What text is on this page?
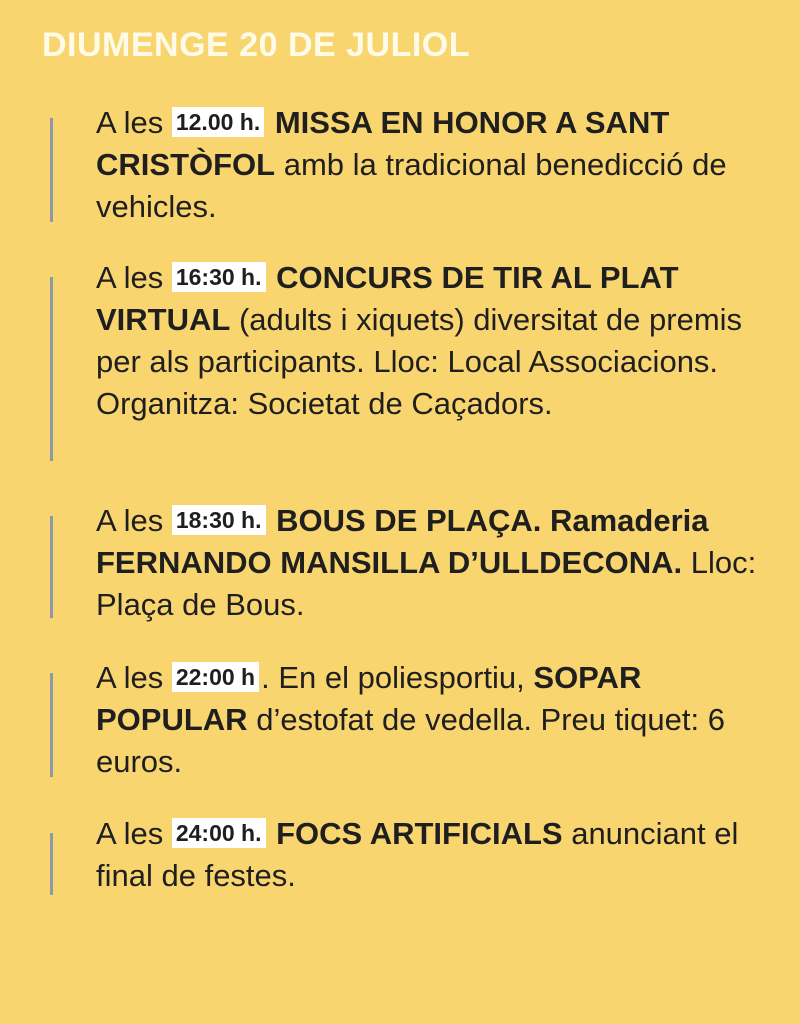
DIUMENGE 20 DE JULIOL
A les 12.00 h. MISSA EN HONOR A SANT CRISTÒFOL amb la tradicional benedicció de vehicles.
A les 16:30 h. CONCURS DE TIR AL PLAT VIRTUAL (adults i xiquets) diversitat de premis per als participants. Lloc: Local Associacions. Organitza: Societat de Caçadors.
A les 18:30 h. BOUS DE PLAÇA. Ramaderia FERNANDO MANSILLA D’ULLDECONA. Lloc: Plaça de Bous.
A les 22:00 h . En el poliesportiu, SOPAR POPULAR d’estofat de vedella. Preu tiquet: 6 euros.
A les 24:00 h. FOCS ARTIFICIALS anunciant el final de festes.
